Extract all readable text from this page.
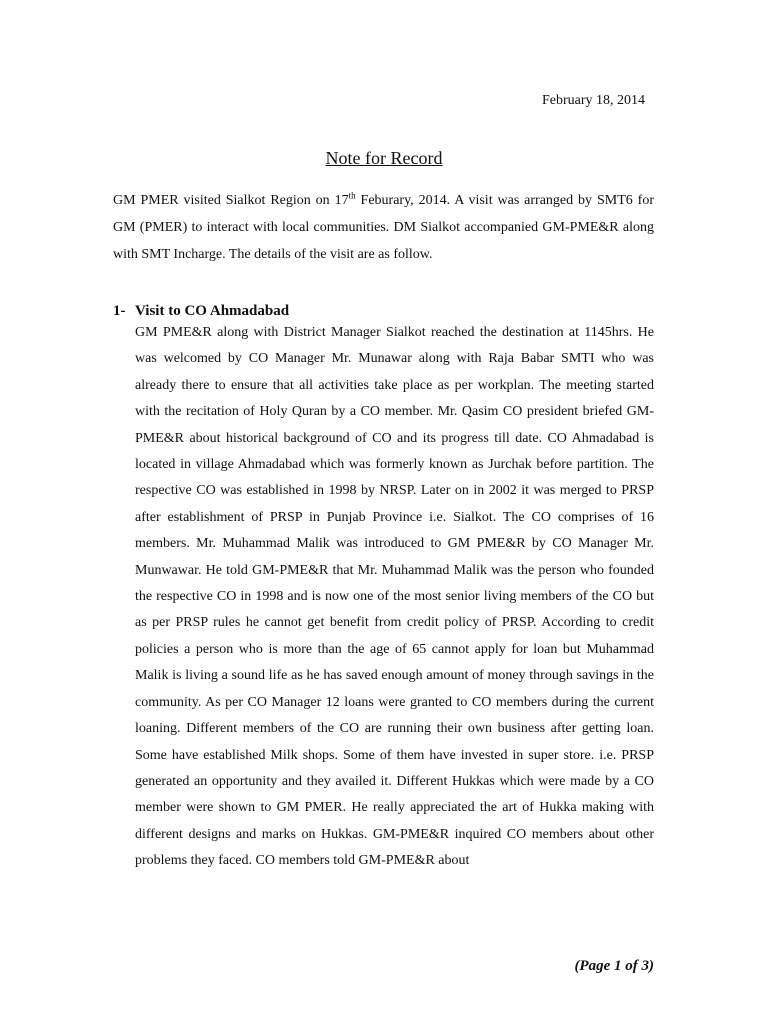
February 18, 2014
Note for Record

GM PMER visited Sialkot Region on 17th Feburary, 2014. A visit was arranged by SMT6 for GM (PMER) to interact with local communities. DM Sialkot accompanied GM-PME&R along with SMT Incharge. The details of the visit are as follow.

1- Visit to CO Ahmadabad

GM PME&R along with District Manager Sialkot reached the destination at 1145hrs. He was welcomed by CO Manager Mr. Munawar along with Raja Babar SMTI who was already there to ensure that all activities take place as per workplan. The meeting started with the recitation of Holy Quran by a CO member. Mr. Qasim CO president briefed GM-PME&R about historical background of CO and its progress till date. CO Ahmadabad is located in village Ahmadabad which was formerly known as Jurchak before partition. The respective CO was established in 1998 by NRSP. Later on in 2002 it was merged to PRSP after establishment of PRSP in Punjab Province i.e. Sialkot. The CO comprises of 16 members. Mr. Muhammad Malik was introduced to GM PME&R by CO Manager Mr. Munwawar. He told GM-PME&R that Mr. Muhammad Malik was the person who founded the respective CO in 1998 and is now one of the most senior living members of the CO but as per PRSP rules he cannot get benefit from credit policy of PRSP. According to credit policies a person who is more than the age of 65 cannot apply for loan but Muhammad Malik is living a sound life as he has saved enough amount of money through savings in the community. As per CO Manager 12 loans were granted to CO members during the current loaning. Different members of the CO are running their own business after getting loan. Some have established Milk shops. Some of them have invested in super store. i.e. PRSP generated an opportunity and they availed it. Different Hukkas which were made by a CO member were shown to GM PMER. He really appreciated the art of Hukka making with different designs and marks on Hukkas. GM-PME&R inquired CO members about other problems they faced. CO members told GM-PME&R about

(Page 1 of 3)
